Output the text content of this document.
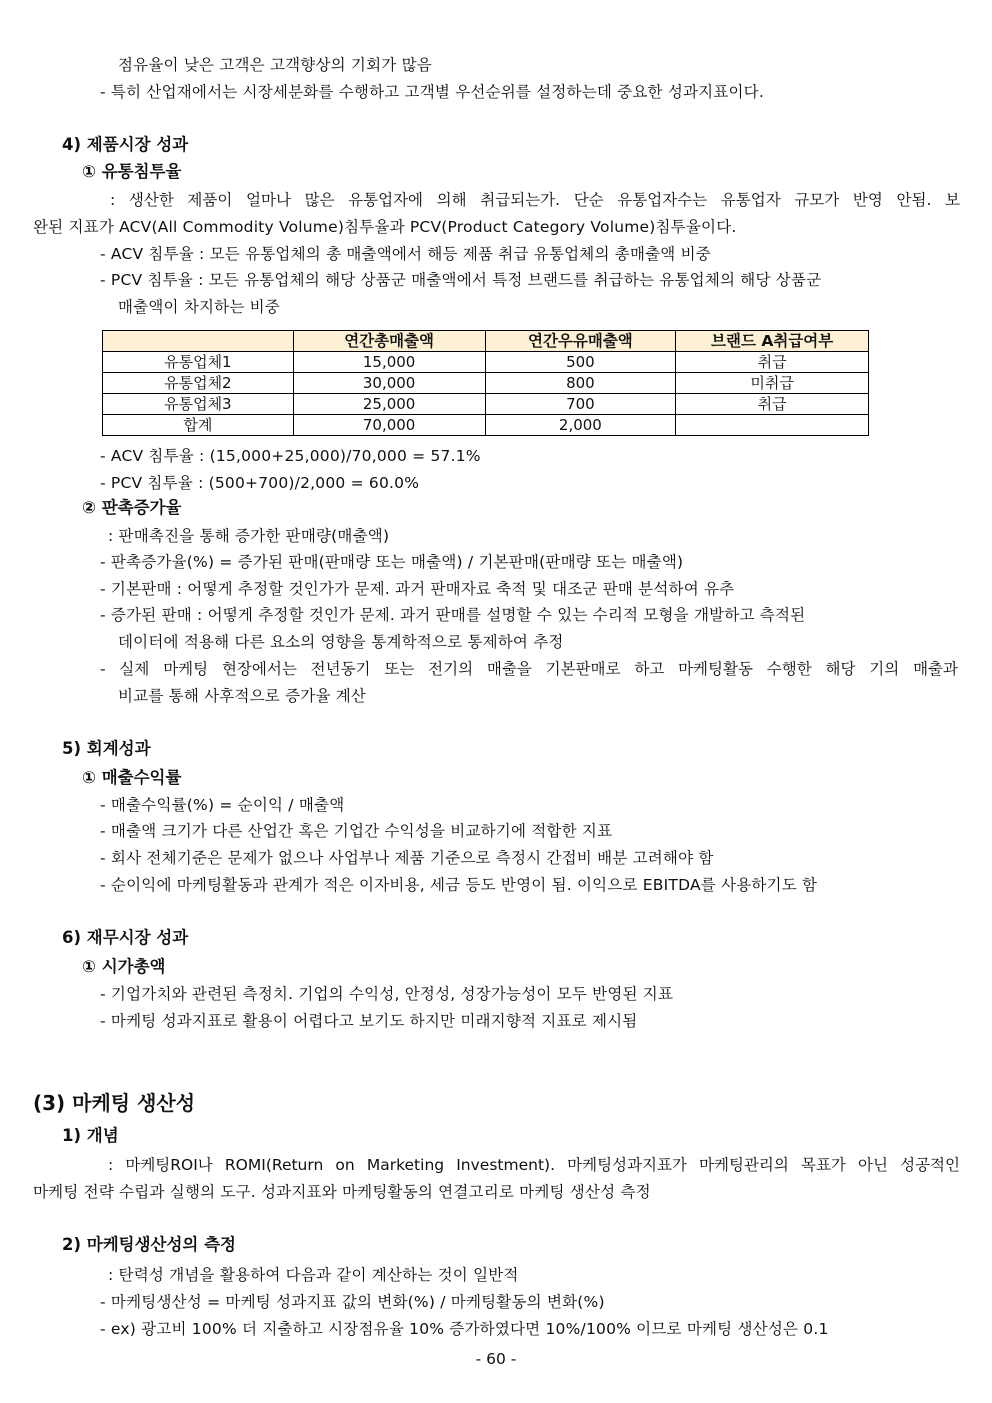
점유율이 낮은 고객은 고객향상의 기회가 많음
- 특히 산업재에서는 시장세분화를 수행하고 고객별 우선순위를 설정하는데 중요한 성과지표이다.
4) 제품시장 성과
① 유통침투율
: 생산한 제품이 얼마나 많은 유통업자에 의해 취급되는가. 단순 유통업자수는 유통업자 규모가 반영 안됨. 보
완된 지표가 ACV(All Commodity Volume)침투율과 PCV(Product Category Volume)침투율이다.
- ACV 침투율 : 모든 유통업체의 총 매출액에서 해등 제품 취급 유통업체의 총매출액 비중
- PCV 침투율 : 모든 유통업체의 해당 상품군 매출액에서 특정 브랜드를 취급하는 유통업체의 해당 상품군
매출액이 차지하는 비중
	연간총매출액	연간우유매출액	브랜드 A취급여부
유통업체1	15,000	500	취급
유통업체2	30,000	800	미취급
유통업체3	25,000	700	취급
합계	70,000	2,000	
- ACV 침투율 : (15,000+25,000)/70,000 = 57.1%
- PCV 침투율 : (500+700)/2,000 = 60.0%
② 판촉증가율
: 판매촉진을 통해 증가한 판매량(매출액)
- 판촉증가율(%) = 증가된 판매(판매량 또는 매출액) / 기본판매(판매량 또는 매출액)
- 기본판매 : 어떻게 추정할 것인가가 문제. 과거 판매자료 축적 및 대조군 판매 분석하여 유추
- 증가된 판매 : 어떻게 추정할 것인가 문제. 과거 판매를 설명할 수 있는 수리적 모형을 개발하고 측적된
데이터에 적용해 다른 요소의 영향을 통계학적으로 통제하여 추정
- 실제 마케팅 현장에서는 전년동기 또는 전기의 매출을 기본판매로 하고 마케팅활동 수행한 해당 기의 매출과
비교를 통해 사후적으로 증가율 계산
5) 회계성과
① 매출수익률
- 매출수익률(%) = 순이익 / 매출액
- 매출액 크기가 다른 산업간 혹은 기업간 수익성을 비교하기에 적합한 지표
- 회사 전체기준은 문제가 없으나 사업부나 제품 기준으로 측정시 간접비 배분 고려해야 함
- 순이익에 마케팅활동과 관계가 적은 이자비용, 세금 등도 반영이 됨. 이익으로 EBITDA를 사용하기도 함
6) 재무시장 성과
① 시가총액
- 기업가치와 관련된 측정치. 기업의 수익성, 안정성, 성장가능성이 모두 반영된 지표
- 마케팅 성과지표로 활용이 어렵다고 보기도 하지만 미래지향적 지표로 제시됨
(3) 마케팅 생산성
1) 개념
: 마케팅ROI나 ROMI(Return on Marketing Investment). 마케팅성과지표가 마케팅관리의 목표가 아닌 성공적인
마케팅 전략 수립과 실행의 도구. 성과지표와 마케팅활동의 연결고리로 마케팅 생산성 측정
2) 마케팅생산성의 측정
: 탄력성 개념을 활용하여 다음과 같이 계산하는 것이 일반적
- 마케팅생산성 = 마케팅 성과지표 값의 변화(%) / 마케팅활동의 변화(%)
- ex) 광고비 100% 더 지출하고 시장점유율 10% 증가하였다면 10%/100% 이므로 마케팅 생산성은 0.1
- 60 -
